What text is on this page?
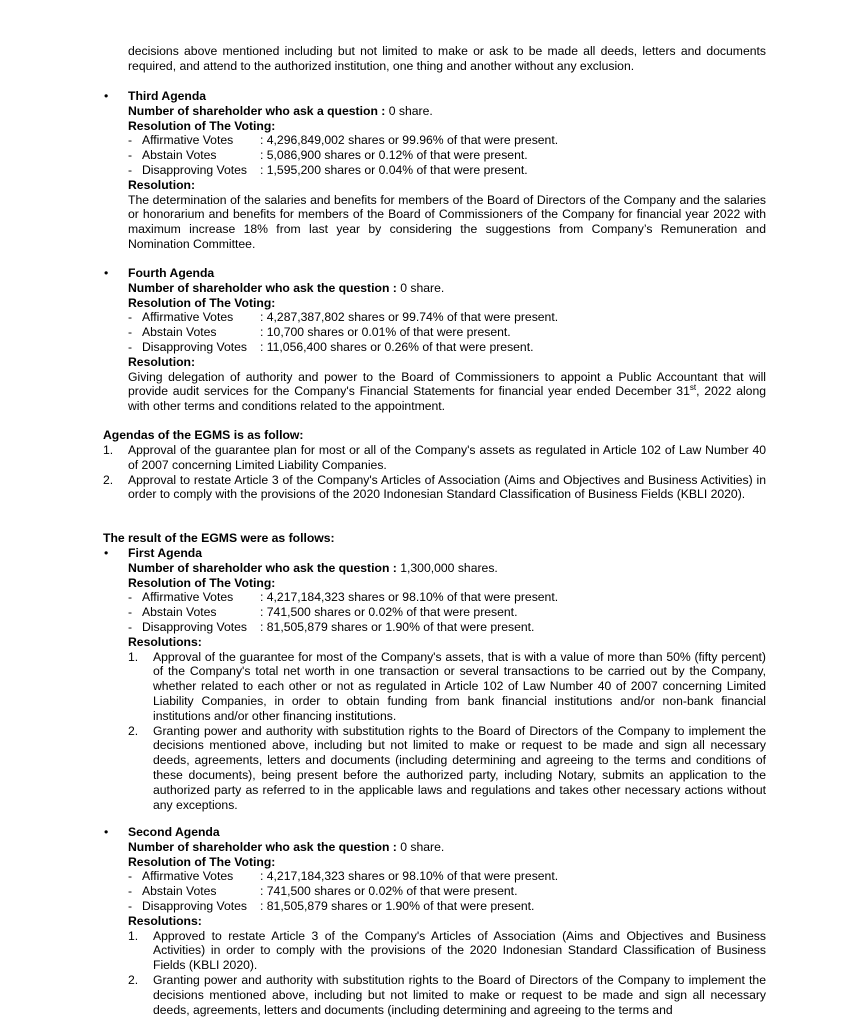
decisions above mentioned including but not limited to make or ask to be made all deeds, letters and documents required, and attend to the authorized institution, one thing and another without any exclusion.
•	Third Agenda
Number of shareholder who ask a question : 0 share.
Resolution of The Voting:
- Affirmative Votes : 4,296,849,002 shares or 99.96% of that were present.
- Abstain Votes	: 5,086,900 shares or 0.12% of that were present.
- Disapproving Votes : 1,595,200 shares or 0.04% of that were present.
Resolution:
The determination of the salaries and benefits for members of the Board of Directors of the Company and the salaries or honorarium and benefits for members of the Board of Commissioners of the Company for financial year 2022 with maximum increase 18% from last year by considering the suggestions from Company’s Remuneration and Nomination Committee.
•	Fourth Agenda
Number of shareholder who ask the question : 0 share.
Resolution of The Voting:
- Affirmative Votes : 4,287,387,802 shares or 99.74% of that were present.
- Abstain Votes	: 10,700 shares or 0.01% of that were present.
- Disapproving Votes : 11,056,400 shares or 0.26% of that were present.
Resolution:
Giving delegation of authority and power to the Board of Commissioners to appoint a Public Accountant that will provide audit services for the Company's Financial Statements for financial year ended December 31st, 2022 along with other terms and conditions related to the appointment.
Agendas of the EGMS is as follow:
1. Approval of the guarantee plan for most or all of the Company's assets as regulated in Article 102 of Law Number 40 of 2007 concerning Limited Liability Companies.
2. Approval to restate Article 3 of the Company's Articles of Association (Aims and Objectives and Business Activities) in order to comply with the provisions of the 2020 Indonesian Standard Classification of Business Fields (KBLI 2020).
The result of the EGMS were as follows:
•	First Agenda
Number of shareholder who ask the question : 1,300,000 shares.
Resolution of The Voting:
- Affirmative Votes : 4,217,184,323 shares or 98.10% of that were present.
- Abstain Votes	: 741,500 shares or 0.02% of that were present.
- Disapproving Votes : 81,505,879 shares or 1.90% of that were present.
Resolutions:
1. Approval of the guarantee for most of the Company's assets, that is with a value of more than 50% (fifty percent) of the Company's total net worth in one transaction or several transactions to be carried out by the Company, whether related to each other or not as regulated in Article 102 of Law Number 40 of 2007 concerning Limited Liability Companies, in order to obtain funding from bank financial institutions and/or non-bank financial institutions and/or other financing institutions.
2. Granting power and authority with substitution rights to the Board of Directors of the Company to implement the decisions mentioned above, including but not limited to make or request to be made and sign all necessary deeds, agreements, letters and documents (including determining and agreeing to the terms and conditions of these documents), being present before the authorized party, including Notary, submits an application to the authorized party as referred to in the applicable laws and regulations and takes other necessary actions without any exceptions.
•	Second Agenda
Number of shareholder who ask the question : 0 share.
Resolution of The Voting:
- Affirmative Votes : 4,217,184,323 shares or 98.10% of that were present.
- Abstain Votes	: 741,500 shares or 0.02% of that were present.
- Disapproving Votes : 81,505,879 shares or 1.90% of that were present.
Resolutions:
1. Approved to restate Article 3 of the Company's Articles of Association (Aims and Objectives and Business Activities) in order to comply with the provisions of the 2020 Indonesian Standard Classification of Business Fields (KBLI 2020).
2. Granting power and authority with substitution rights to the Board of Directors of the Company to implement the decisions mentioned above, including but not limited to make or request to be made and sign all necessary deeds, agreements, letters and documents (including determining and agreeing to the terms and
